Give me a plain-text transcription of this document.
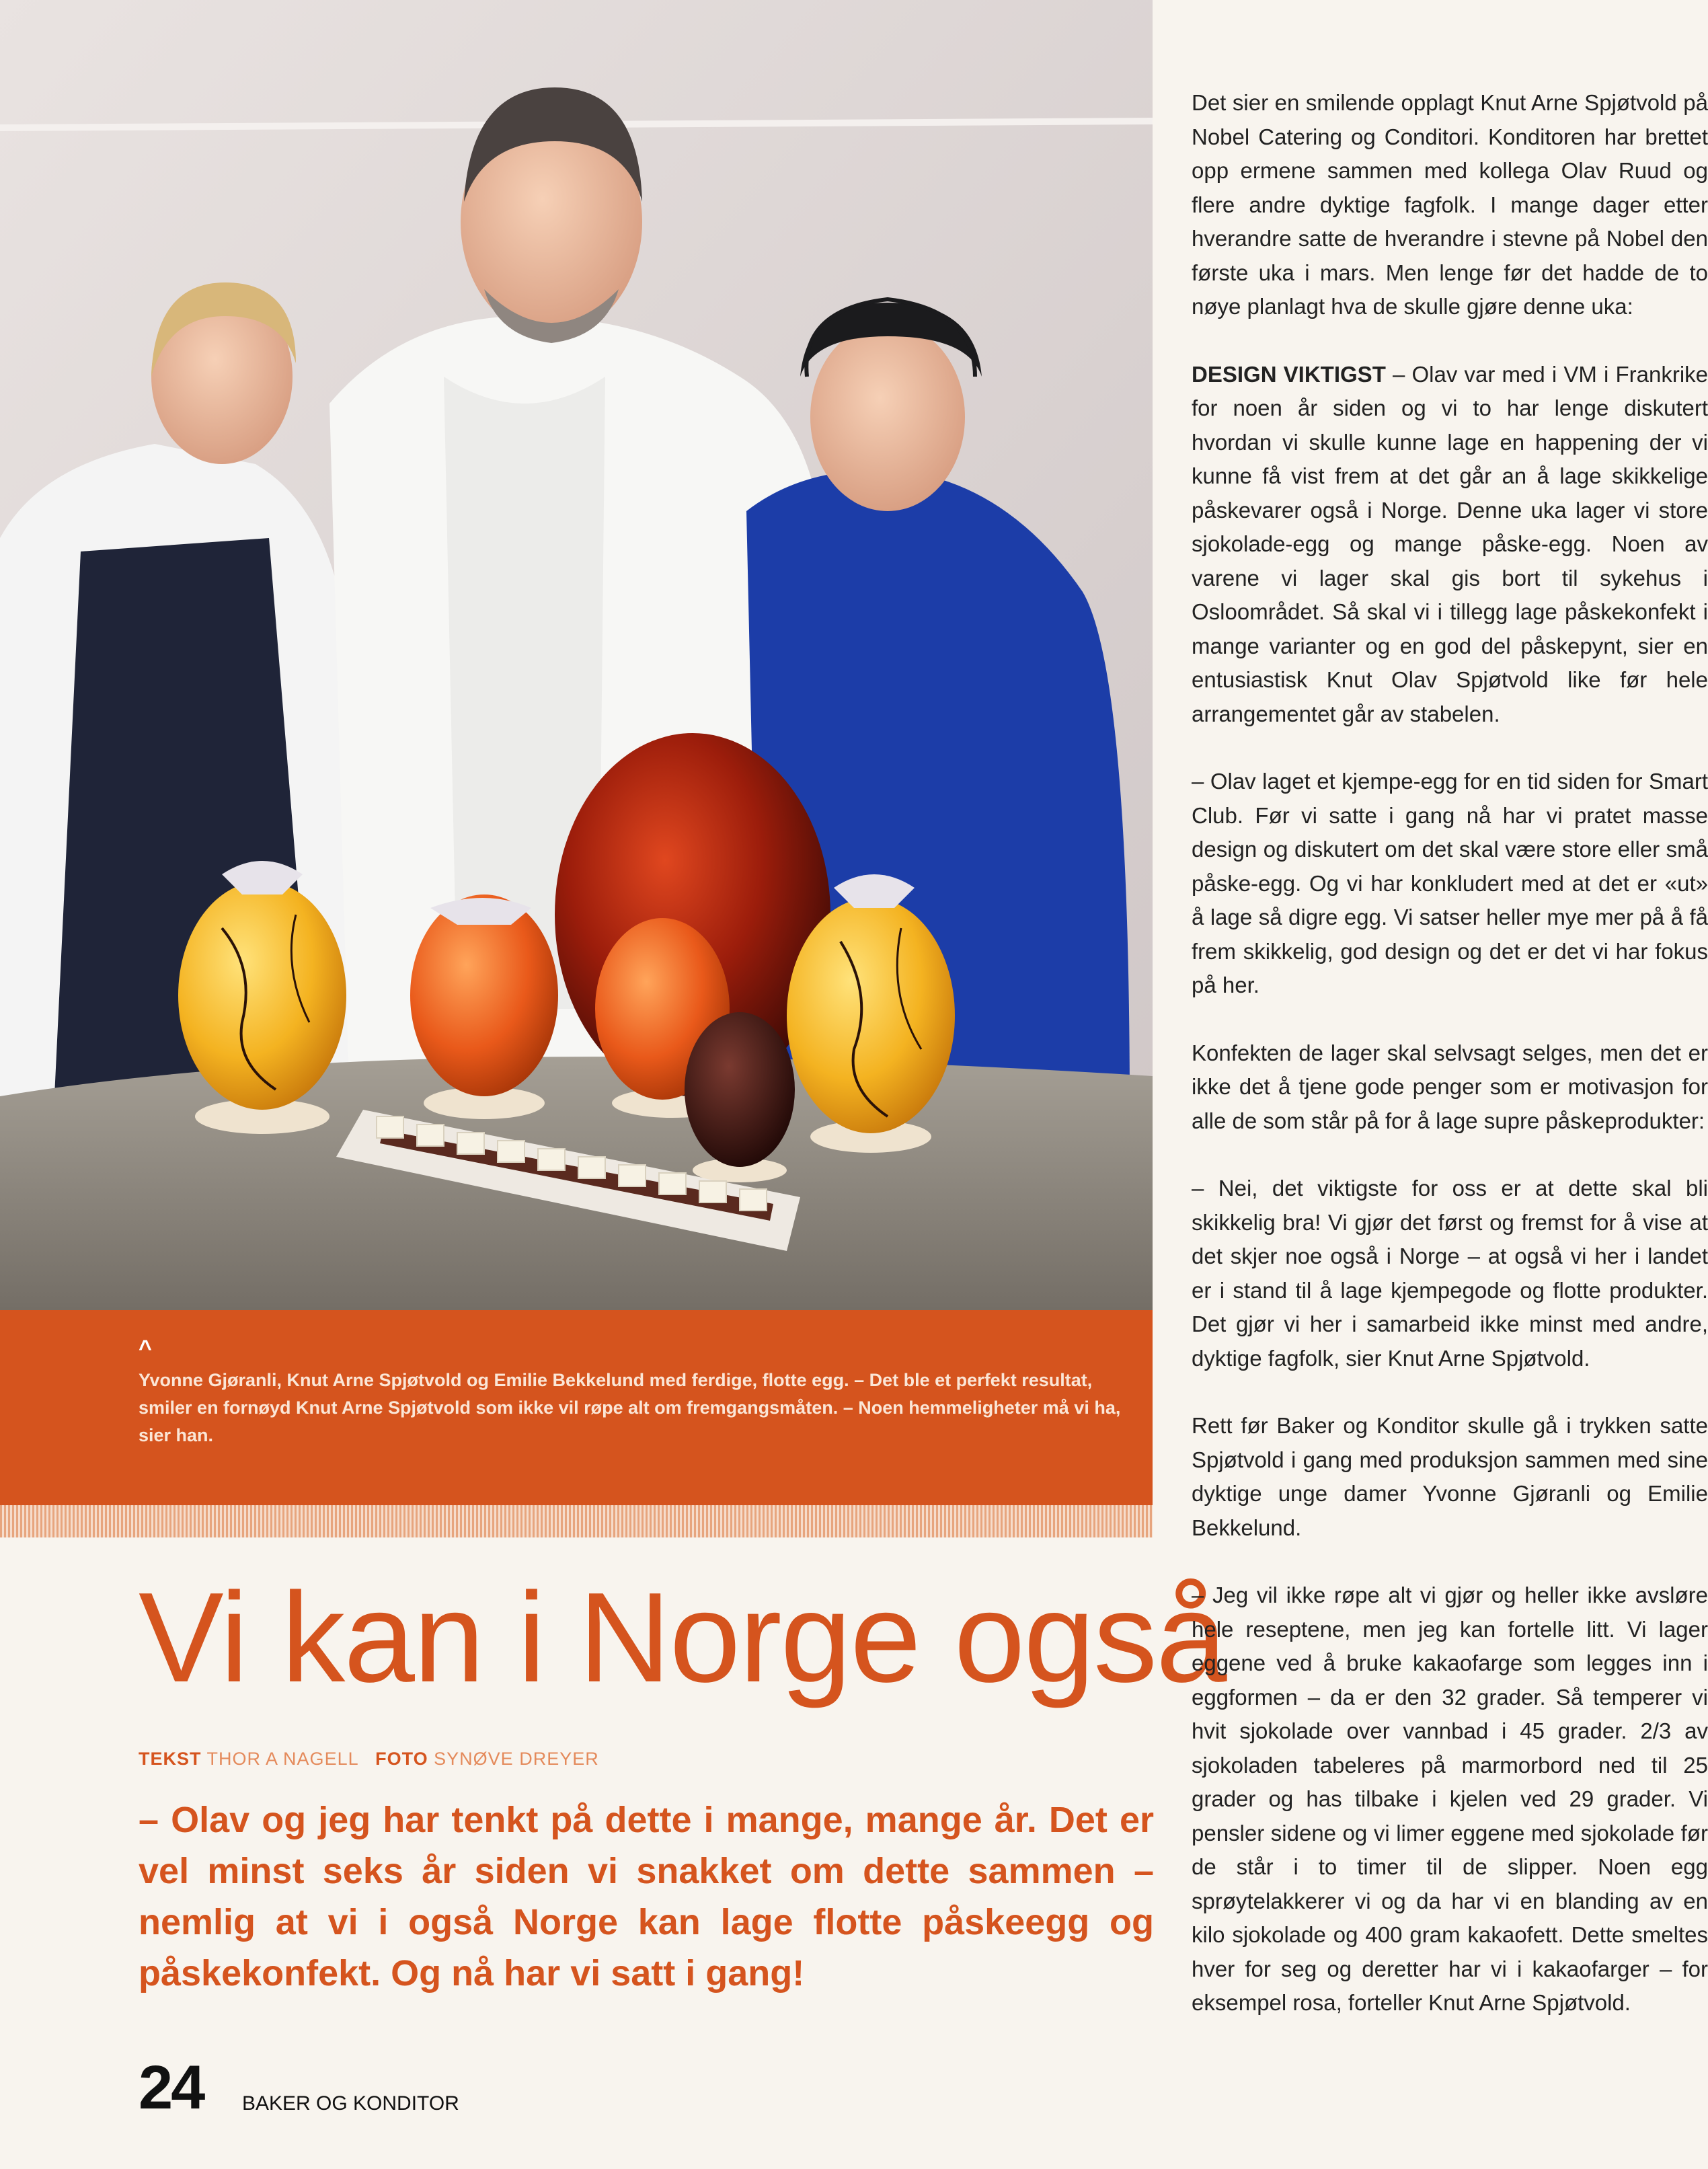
^
Yvonne Gjøranli, Knut Arne Spjøtvold og Emilie Bekkelund med ferdige, flotte egg. – Det ble et perfekt resultat, smiler en fornøyd Knut Arne Spjøtvold som ikke vil røpe alt om fremgangsmåten. – Noen hemmeligheter må vi ha, sier han.
Vi kan i Norge også
TEKST THOR A NAGELL FOTO SYNØVE DREYER

– Olav og jeg har tenkt på dette i mange, mange år. Det er vel minst seks år siden vi snakket om dette sammen – nemlig at vi i også Norge kan lage flotte påskeegg og påskekonfekt. Og nå har vi satt i gang!

24 BAKER OG KONDITOR

Det sier en smilende opplagt Knut Arne Spjøtvold på Nobel Catering og Conditori. Konditoren har brettet opp ermene sammen med kollega Olav Ruud og flere andre dyktige fagfolk. I mange dager etter hverandre satte de hverandre i stevne på Nobel den første uka i mars. Men lenge før det hadde de to nøye planlagt hva de skulle gjøre denne uka:

DESIGN VIKTIGST – Olav var med i VM i Frankrike for noen år siden og vi to har lenge diskutert hvordan vi skulle kunne lage en happening der vi kunne få vist frem at det går an å lage skikkelige påskevarer også i Norge. Denne uka lager vi store sjokolade-egg og mange påske-egg. Noen av varene vi lager skal gis bort til sykehus i Osloområdet. Så skal vi i tillegg lage påskekonfekt i mange varianter og en god del påskepynt, sier en entusiastisk Knut Olav Spjøtvold like før hele arrangementet går av stabelen.

– Olav laget et kjempe-egg for en tid siden for Smart Club. Før vi satte i gang nå har vi pratet masse design og diskutert om det skal være store eller små påske-egg. Og vi har konkludert med at det er «ut» å lage så digre egg. Vi satser heller mye mer på å få frem skikkelig, god design og det er det vi har fokus på her.

Konfekten de lager skal selvsagt selges, men det er ikke det å tjene gode penger som er motivasjon for alle de som står på for å lage supre påskeprodukter:

– Nei, det viktigste for oss er at dette skal bli skikkelig bra! Vi gjør det først og fremst for å vise at det skjer noe også i Norge – at også vi her i landet er i stand til å lage kjempegode og flotte produkter. Det gjør vi her i samarbeid ikke minst med andre, dyktige fagfolk, sier Knut Arne Spjøtvold.

Rett før Baker og Konditor skulle gå i trykken satte Spjøtvold i gang med produksjon sammen med sine dyktige unge damer Yvonne Gjøranli og Emilie Bekkelund.

– Jeg vil ikke røpe alt vi gjør og heller ikke avsløre hele reseptene, men jeg kan fortelle litt. Vi lager eggene ved å bruke kakaofarge som legges inn i eggformen – da er den 32 grader. Så temperer vi hvit sjokolade over vannbad i 45 grader. 2/3 av sjokoladen tabeleres på marmorbord ned til 25 grader og has tilbake i kjelen ved 29 grader. Vi pensler sidene og vi limer eggene med sjokolade før de står i to timer til de slipper. Noen egg sprøytelakkerer vi og da har vi en blanding av en kilo sjokolade og 400 gram kakaofett. Dette smeltes hver for seg og deretter har vi i kakaofarger – for eksempel rosa, forteller Knut Arne Spjøtvold.
